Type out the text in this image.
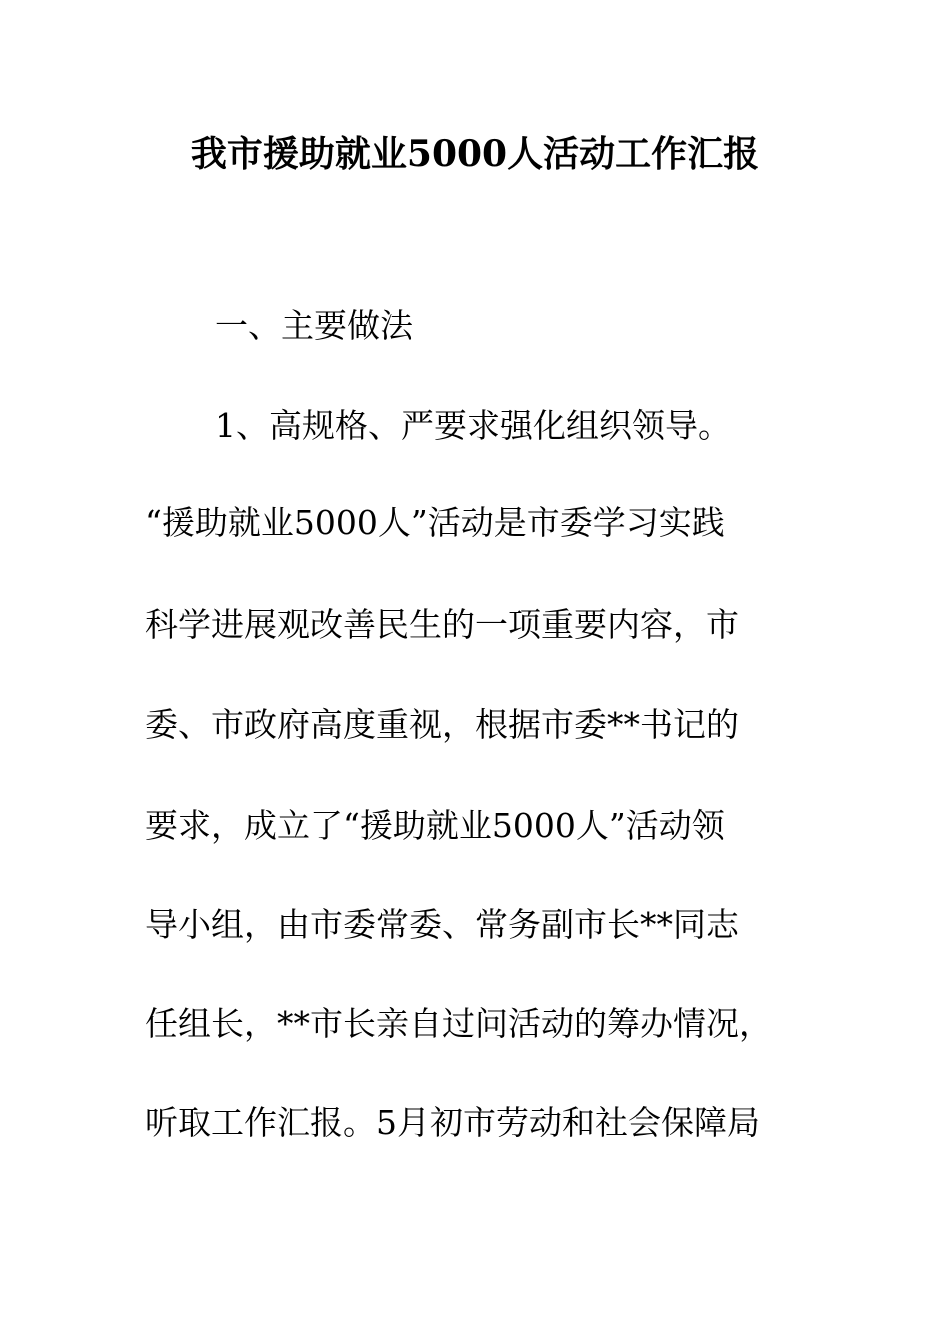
我市援助就业5000人活动工作汇报
一、主要做法
1、高规格、严要求强化组织领导。
“援助就业5000人”活动是市委学习实践
科学进展观改善民生的一项重要内容，市
委、市政府高度重视，根据市委**书记的
要求，成立了“援助就业5000人”活动领
导小组，由市委常委、常务副市长**同志
任组长，**市长亲自过问活动的筹办情况，
听取工作汇报。5月初市劳动和社会保障局
